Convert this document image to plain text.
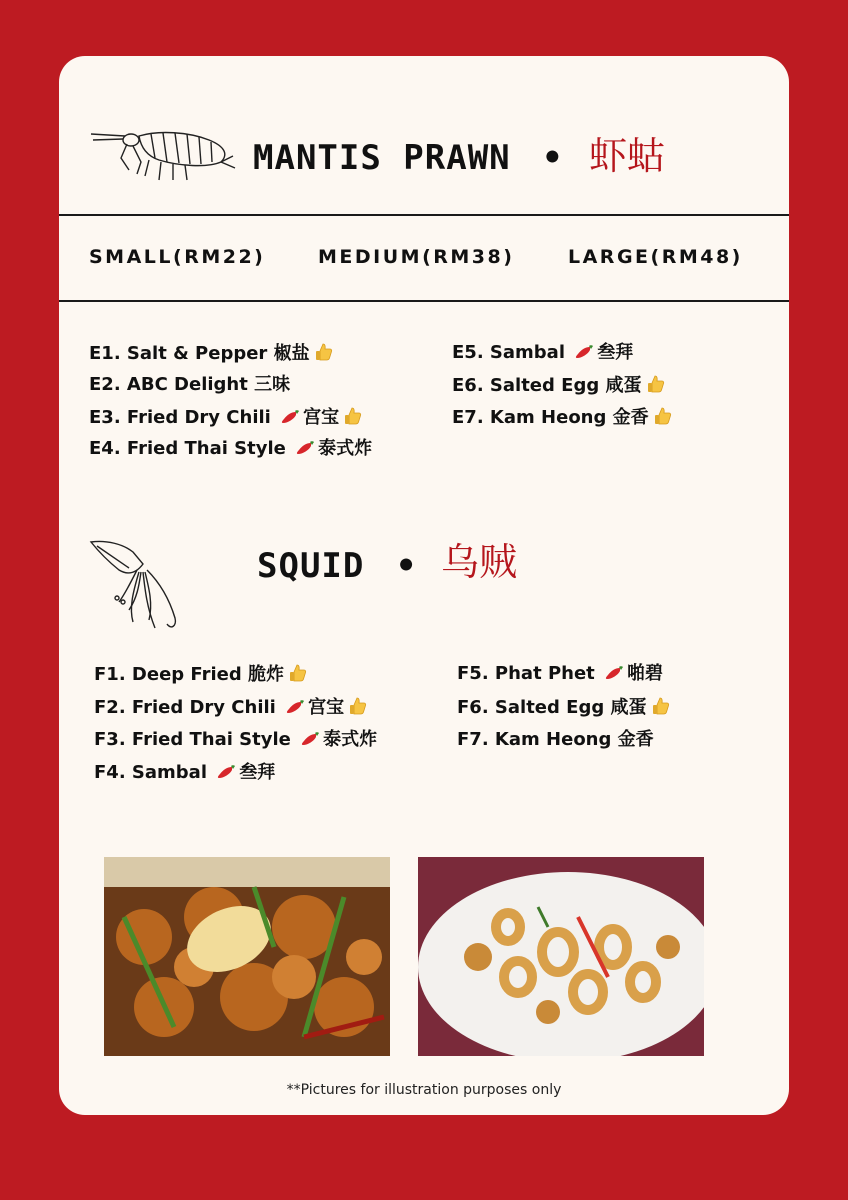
MANTIS PRAWN • 虾蛄
SMALL(RM22)	MEDIUM(RM38)	LARGE(RM48)
E1. Salt & Pepper 椒盐
E2. ABC Delight 三味
E3. Fried Dry Chili 宫宝
E4. Fried Thai Style 泰式炸
E5. Sambal 叁拜
E6. Salted Egg 咸蛋
E7. Kam Heong 金香
SQUID • 乌贼
F1. Deep Fried 脆炸
F2. Fried Dry Chili 宫宝
F3. Fried Thai Style 泰式炸
F4. Sambal 叁拜
F5. Phat Phet 啪碧
F6. Salted Egg 咸蛋
F7. Kam Heong 金香
**Pictures for illustration purposes only
